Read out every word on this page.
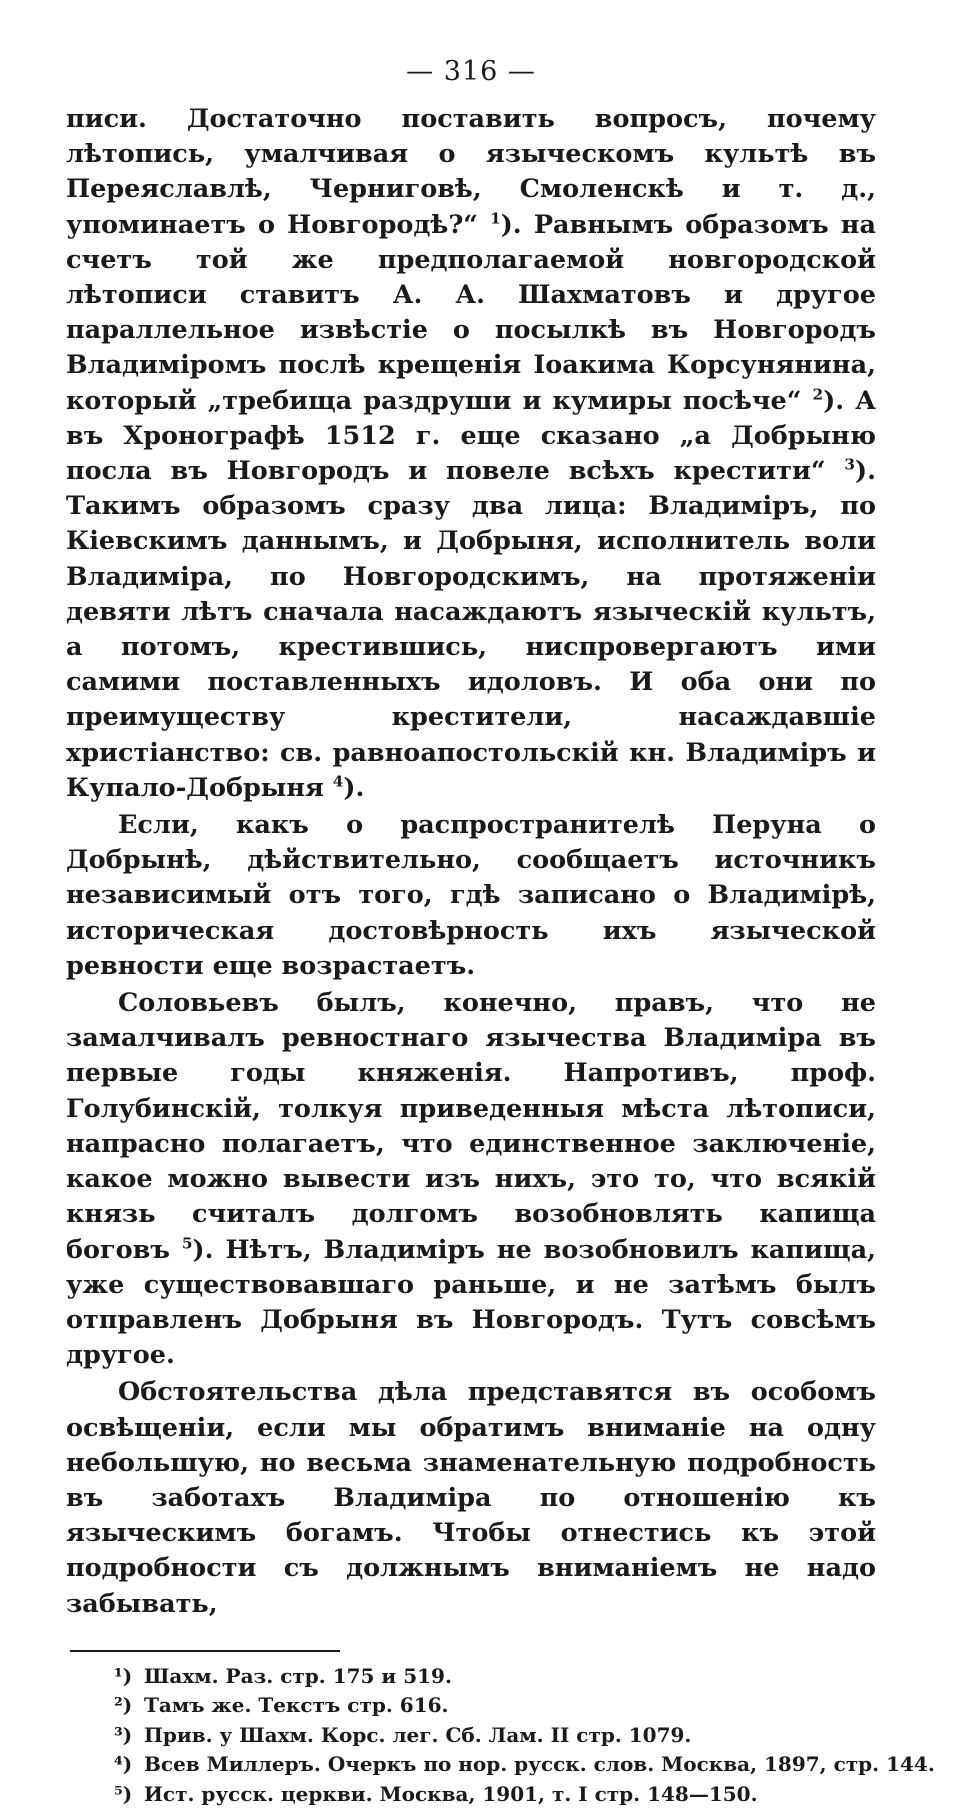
— 316 —

писи. Достаточно поставить вопросъ, почему лѣтопись, умалчивая о языческомъ культѣ въ Переяславлѣ, Черниговѣ, Смоленскѣ и т. д., упоминаетъ о Новгородѣ?“ $^1$). Равнымъ образомъ на счетъ той же предполагаемой новгородской лѣтописи ставитъ А. А. Шахматовъ и другое параллельное извѣстіе о посылкѣ въ Новгородъ Владиміромъ послѣ крещенія Іоакима Корсунянина, который „требища раздруши и кумиры посѣче“ $^2$). А въ Хронографѣ 1512 г. еще сказано „а Добрыню посла въ Новгородъ и повеле всѣхъ крестити“ $^3$). Такимъ образомъ сразу два лица: Владиміръ, по Кіевскимъ даннымъ, и Добрыня, исполнитель воли Владиміра, по Новгородскимъ, на протяженіи девяти лѣтъ сначала насаждаютъ языческій культъ, а потомъ, крестившись, ниспровергаютъ ими самими поставленныхъ идоловъ. И оба они по преимуществу крестители, насаждавшіе христіанство: св. равноапостольскій кн. Владиміръ и Купало-Добрыня $^4$).

Если, какъ о распространителѣ Перуна о Добрынѣ, дѣйствительно, сообщаетъ источникъ независимый отъ того, гдѣ записано о Владимірѣ, историческая достовѣрность ихъ языческой ревности еще возрастаетъ.

Соловьевъ былъ, конечно, правъ, что не замалчивалъ ревностнаго язычества Владиміра въ первые годы княженія. Напротивъ, проф. Голубинскій, толкуя приведенныя мѣста лѣтописи, напрасно полагаетъ, что единственное заключеніе, какое можно вывести изъ нихъ, это то, что всякій князь считалъ долгомъ возобновлять капища боговъ $^5$). Нѣтъ, Владиміръ не возобновилъ капища, уже существовавшаго раньше, и не затѣмъ былъ отправленъ Добрыня въ Новгородъ. Тутъ совсѣмъ другое.

Обстоятельства дѣла представятся въ особомъ освѣщеніи, если мы обратимъ вниманіе на одну небольшую, но весьма знаменательную подробность въ заботахъ Владиміра по отношенію къ языческимъ богамъ. Чтобы отнестись къ этой подробности съ должнымъ вниманіемъ не надо забывать,

¹) Шахм. Раз. стр. 175 и 519.
²) Тамъ же. Текстъ стр. 616.
³) Прив. у Шахм. Корс. лег. Сб. Лам. II стр. 1079.
⁴) Всев Миллеръ. Очеркъ по нор. русск. слов. Москва, 1897, стр. 144.
⁵) Ист. русск. церкви. Москва, 1901, т. I стр. 148—150.
